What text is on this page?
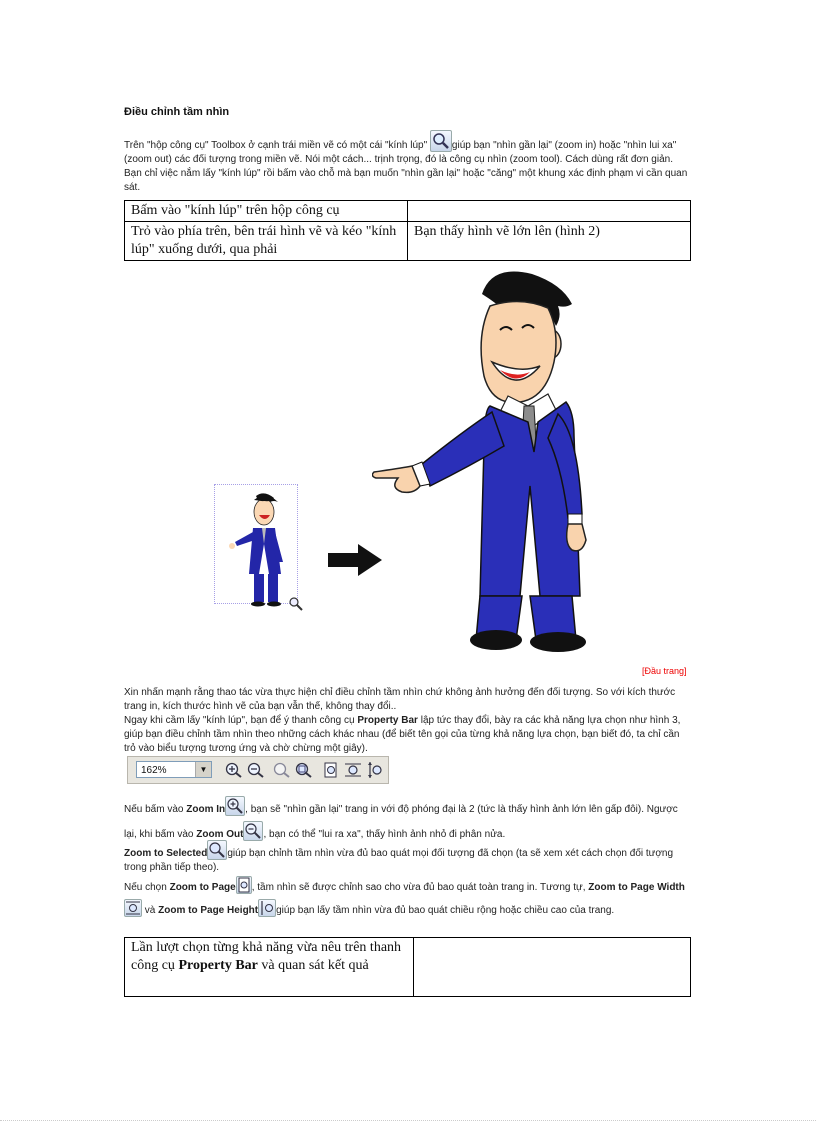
Điều chỉnh tầm nhìn
Trên "hộp công cụ" Toolbox ở cạnh trái miền vẽ có một cái "kính lúp"
giúp bạn "nhìn gần lại" (zoom in) hoặc "nhìn lui xa" (zoom out) các đối tượng trong miền vẽ. Nói một cách... trịnh trọng, đó là công cụ nhìn (zoom tool). Cách dùng rất đơn giản. Bạn chỉ việc nắm lấy "kính lúp" rồi bấm vào chỗ mà bạn muốn "nhìn gần lại" hoặc "căng" một khung xác định phạm vi cần quan sát.
Bấm vào "kính lúp" trên hộp công cụ	
Trỏ vào phía trên, bên trái hình vẽ và kéo "kính lúp" xuống dưới, qua phải	Bạn thấy hình vẽ lớn lên (hình 2)
[Đầu trang]
Xin nhấn mạnh rằng thao tác vừa thực hiện chỉ điều chỉnh tầm nhìn chứ không ảnh hưởng đến đối tượng. So với kích thước trang in, kích thước hình vẽ của bạn vẫn thế, không thay đổi..
Ngay khi cầm lấy "kính lúp", bạn để ý thanh công cụ Property Bar lập tức thay đổi, bày ra các khả năng lựa chọn như hình 3, giúp bạn điều chỉnh tầm nhìn theo những cách khác nhau (để biết tên gọi của từng khả năng lựa chọn, bạn biết đó, ta chỉ cần trỏ vào biểu tượng tương ứng và chờ chừng một giây).
162%	▼
Nếu bấm vào Zoom In , bạn sẽ "nhìn gần lại" trang in với độ phóng đại là 2 (tức là thấy hình ảnh lớn lên gấp đôi). Ngược lại, khi bấm vào Zoom Out , bạn có thể "lui ra xa", thấy hình ảnh nhỏ đi phân nửa.
Zoom to Selected giúp bạn chỉnh tầm nhìn vừa đủ bao quát mọi đối tượng đã chọn (ta sẽ xem xét cách chọn đối tượng trong phần tiếp theo).
Nếu chọn Zoom to Page , tầm nhìn sẽ được chỉnh sao cho vừa đủ bao quát toàn trang in. Tương tự, Zoom to Page Width
và Zoom to Page Height giúp bạn lấy tầm nhìn vừa đủ bao quát chiều rộng hoặc chiều cao của trang.
Lần lượt chọn từng khả năng vừa nêu trên thanh công cụ Property Bar và quan sát kết quả	
